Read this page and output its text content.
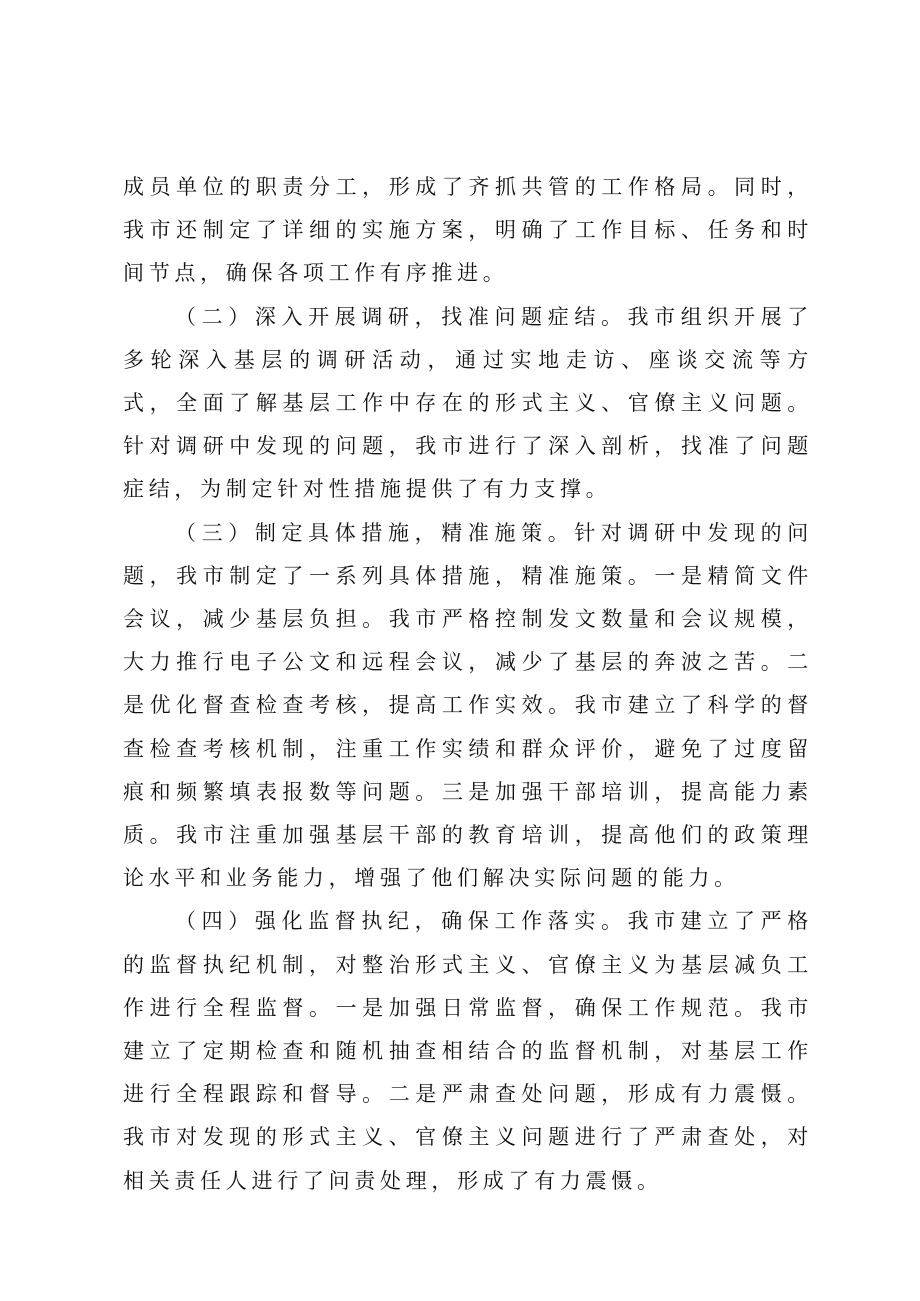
成员单位的职责分工，形成了齐抓共管的工作格局。同时，我市还制定了详细的实施方案，明确了工作目标、任务和时间节点，确保各项工作有序推进。

（二）深入开展调研，找准问题症结。我市组织开展了多轮深入基层的调研活动，通过实地走访、座谈交流等方式，全面了解基层工作中存在的形式主义、官僚主义问题。针对调研中发现的问题，我市进行了深入剖析，找准了问题症结，为制定针对性措施提供了有力支撑。

（三）制定具体措施，精准施策。针对调研中发现的问题，我市制定了一系列具体措施，精准施策。一是精简文件会议，减少基层负担。我市严格控制发文数量和会议规模，大力推行电子公文和远程会议，减少了基层的奔波之苦。二是优化督查检查考核，提高工作实效。我市建立了科学的督查检查考核机制，注重工作实绩和群众评价，避免了过度留痕和频繁填表报数等问题。三是加强干部培训，提高能力素质。我市注重加强基层干部的教育培训，提高他们的政策理论水平和业务能力，增强了他们解决实际问题的能力。

（四）强化监督执纪，确保工作落实。我市建立了严格的监督执纪机制，对整治形式主义、官僚主义为基层减负工作进行全程监督。一是加强日常监督，确保工作规范。我市建立了定期检查和随机抽查相结合的监督机制，对基层工作进行全程跟踪和督导。二是严肃查处问题，形成有力震慑。我市对发现的形式主义、官僚主义问题进行了严肃查处，对相关责任人进行了问责处理，形成了有力震慑。
